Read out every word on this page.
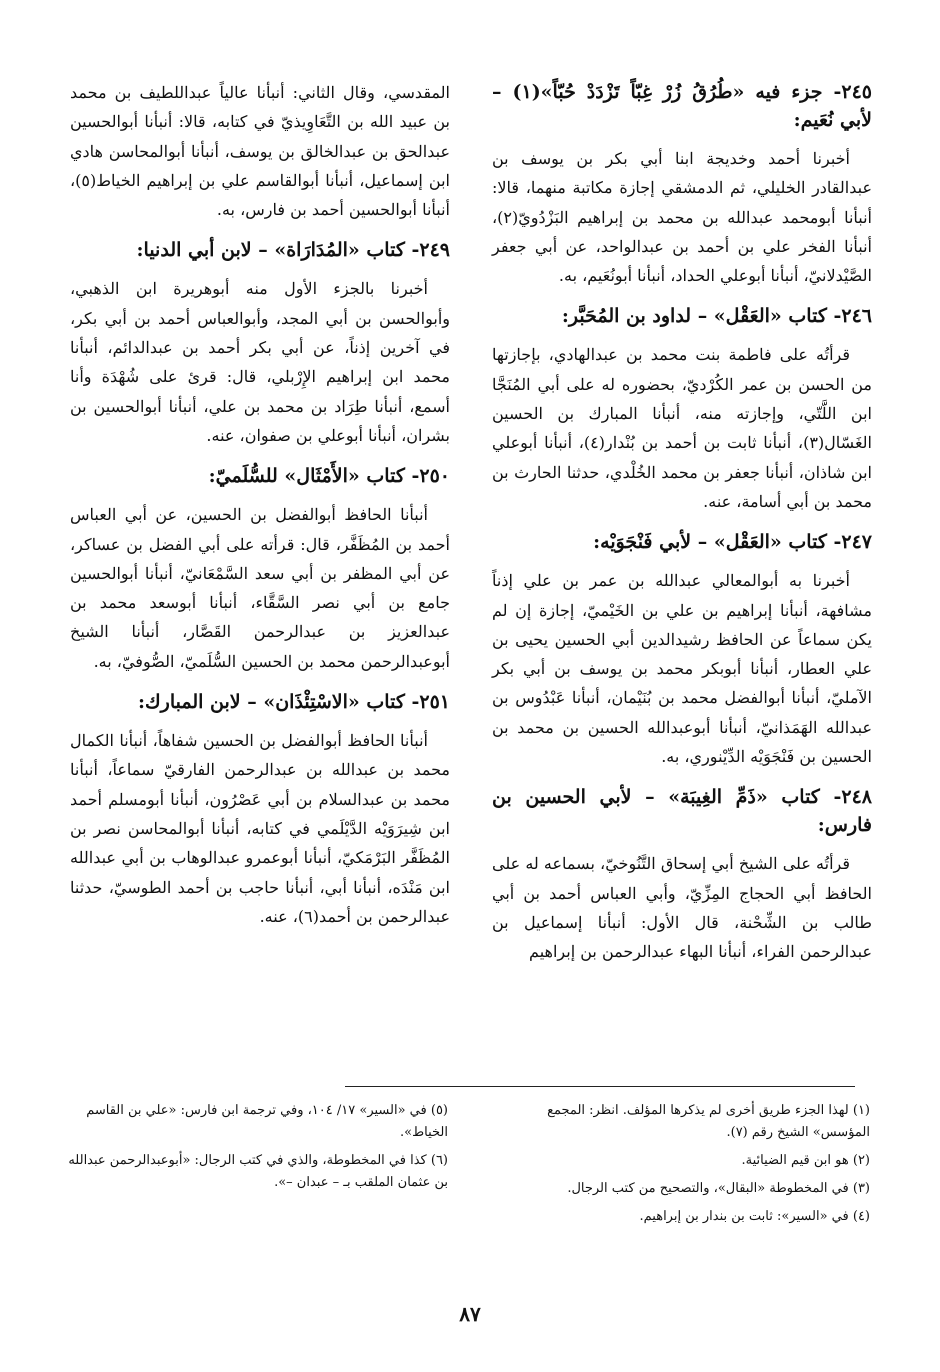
٢٤٥- جزء فيه «طُرُقُ زُرْ غِبّاً تَزْدَدْ حُبّاً»(١) – لأبي نُعَيم:

أخبرنا أحمد وخديجة ابنا أبي بكر بن يوسف بن عبدالقادر الخليلي، ثم الدمشقي إجازة مكاتبة منهما، قالا: أنبأنا أبومحمد عبدالله بن محمد بن إبراهيم البَزْدُويّ(٢)، أنبأنا الفخر علي بن أحمد بن عبدالواحد، عن أبي جعفر الصَّيْدلانيّ، أنبأنا أبوعلي الحداد، أنبأنا أبونُعَيم، به.

٢٤٦- كتاب «العَقْل» – لداود بن المُحَبَّر:

قرأتُه على فاطمة بنت محمد بن عبدالهادي، بإجازتها من الحسن بن عمر الكُرْديّ، بحضوره له على أبي المُنَجَّا ابن اللَّتّي، وإجازته منه، أنبأنا المبارك بن الحسين الغَسّال(٣)، أنبأنا ثابت بن أحمد بن بُنْدار(٤)، أنبأنا أبوعلي ابن شاذان، أنبأنا جعفر بن محمد الخُلْدي، حدثنا الحارث بن محمد بن أبي أسامة، عنه.

٢٤٧- كتاب «العَقْل» – لأبي فَنْجَوَيْه:

أخبرنا به أبوالمعالي عبدالله بن عمر بن علي إذناً مشافهة، أنبأنا إبراهيم بن علي بن الخَيْميّ، إجازة إن لم يكن سماعاً عن الحافظ رشيدالدين أبي الحسين يحيى بن علي العطار، أنبأنا أبوبكر محمد بن يوسف بن أبي بكر الآمليّ، أنبأنا أبوالفضل محمد بن بُنَيْمان، أنبأنا عَبْدُوس بن عبدالله الهَمَذانيّ، أنبأنا أبوعبدالله الحسين بن محمد بن الحسين بن فَنْجَوَيْه الدِّيْنوري، به.

٢٤٨- كتاب «ذَمِّ الغِيبَة» – لأبي الحسين بن فارس:

قرأتُه على الشيخ أبي إسحاق التَّنُوخيّ، بسماعه له على الحافظ أبي الحجاج المِزِّيّ، وأبي العباس أحمد بن أبي طالب بن الشِّحْنة، قال الأول: أنبأنا إسماعيل بن عبدالرحمن الفراء، أنبأنا البهاء عبدالرحمن بن إبراهيم

المقدسي، وقال الثاني: أنبأنا عالياً عبداللطيف بن محمد بن عبيد الله بن التَّعَاوِيذيّ في كتابه، قالا: أنبأنا أبوالحسين عبدالحق بن عبدالخالق بن يوسف، أنبأنا أبوالمحاسن هادي ابن إسماعيل، أنبأنا أبوالقاسم علي بن إبراهيم الخياط(٥)، أنبأنا أبوالحسين أحمد بن فارس، به.

٢٤٩- كتاب «المُدَارَاة» – لابن أبي الدنيا:

أخبرنا بالجزء الأول منه أبوهريرة ابن الذهبي، وأبوالحسن بن أبي المجد، وأبوالعباس أحمد بن أبي بكر، في آخرين إذناً، عن أبي بكر أحمد بن عبدالدائم، أنبأنا محمد ابن إبراهيم الإِرْبلي، قال: قرئ على شُهْدَة وأنا أسمع، أنبأنا طِرَاد بن محمد بن علي، أنبأنا أبوالحسين بن بشران، أنبأنا أبوعلي بن صفوان، عنه.

٢٥٠- كتاب «الأَمْثَال» للسُّلَميّ:

أنبأنا الحافظ أبوالفضل بن الحسين، عن أبي العباس أحمد بن المُظَفَّر، قال: قرأته على أبي الفضل بن عساكر، عن أبي المظفر بن أبي سعد السَّمْعَانيّ، أنبأنا أبوالحسين جامع بن أبي نصر السَّقَّاء، أنبأنا أبوسعد محمد بن عبدالعزيز بن عبدالرحمن القَصَّار، أنبأنا الشيخ أبوعبدالرحمن محمد بن الحسين السُّلَميّ، الصُّوفيّ، به.

٢٥١- كتاب «الاسْتِئْذَان» – لابن المبارك:

أنبأنا الحافظ أبوالفضل بن الحسين شفاهاً، أنبأنا الكمال محمد بن عبدالله بن عبدالرحمن الفارقيّ سماعاً، أنبأنا محمد بن عبدالسلام بن أبي عَصْرُون، أنبأنا أبومسلم أحمد ابن شِيرَوَيْه الدَّيْلَمي في كتابه، أنبأنا أبوالمحاسن نصر بن المُظَفَّر البَرْمَكيّ، أنبأنا أبوعمرو عبدالوهاب بن أبي عبدالله ابن مَنْدَه، أنبأنا أبي، أنبأنا حاجب بن أحمد الطوسيّ، حدثنا عبدالرحمن بن أحمد(٦)، عنه.

(١) لهذا الجزء طريق أخرى لم يذكرها المؤلف. انظر: المجمع المؤسس» الشيخ رقم (٧).

(٢) هو ابن قيم الضيائية.

(٣) في المخطوطة «البقال»، والتصحيح من كتب الرجال.

(٤) في «السير»: ثابت بن بندار بن إبراهيم.

(٥) في «السير» ١٧/ ١٠٤، وفي ترجمة ابن فارس: «علي بن القاسم الخياط».

(٦) كذا في المخطوطة، والذي في كتب الرجال: «أبوعبدالرحمن عبدالله بن عثمان الملقب بـ – عبدان –».

٨٧
